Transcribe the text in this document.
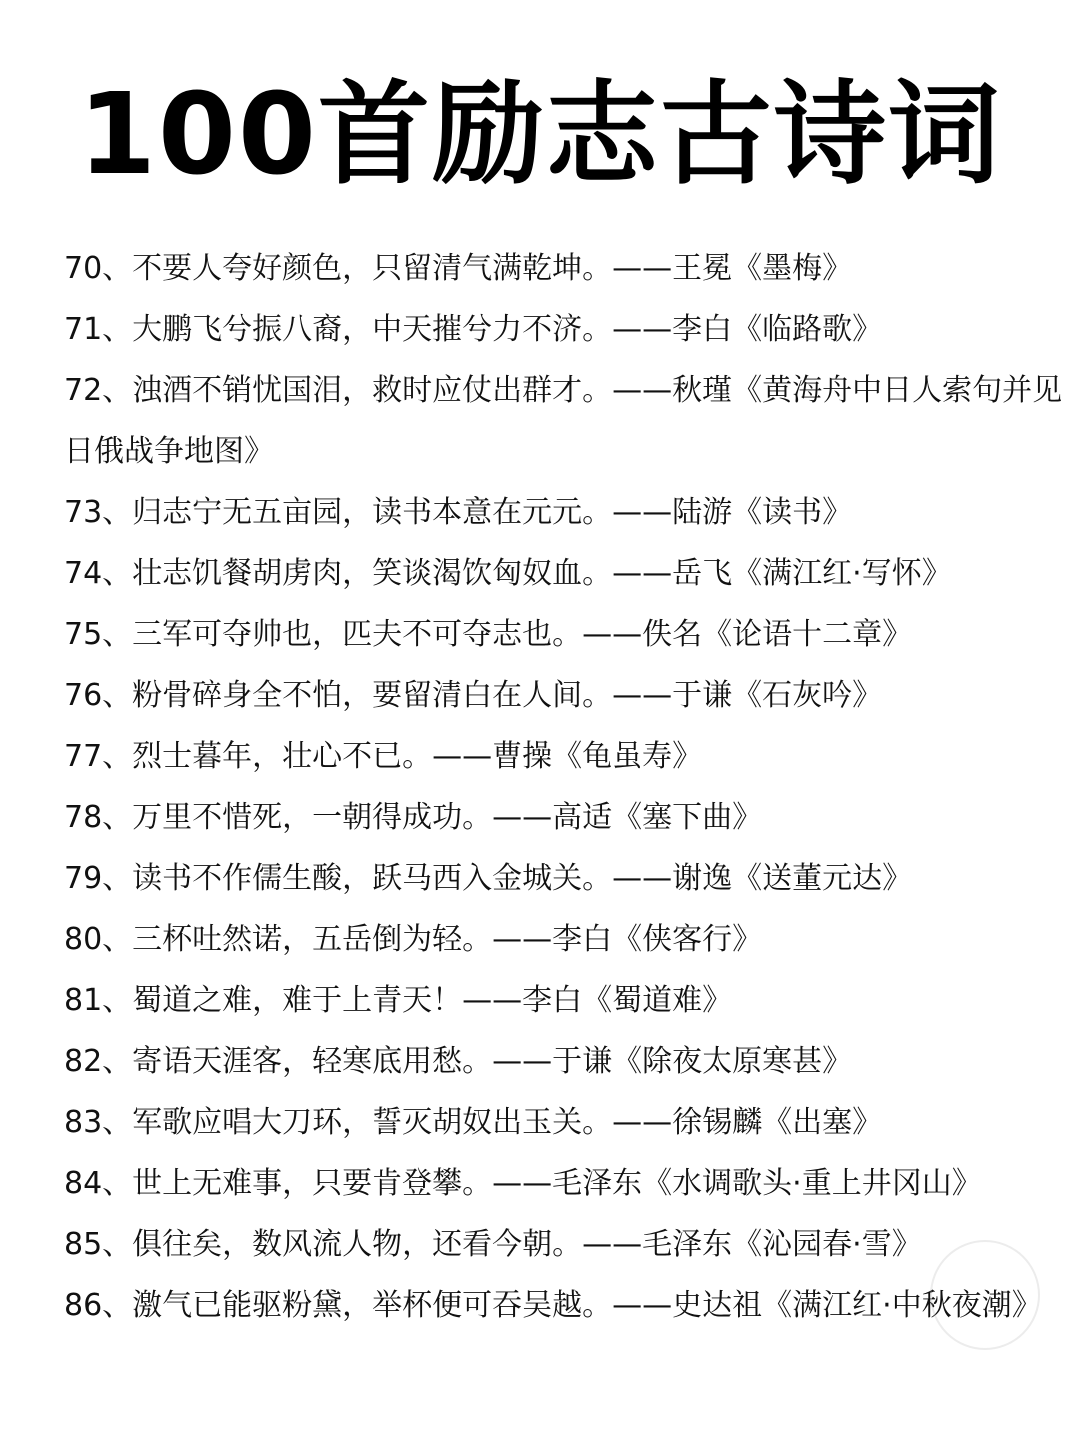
100首励志古诗词
70、不要人夸好颜色，只留清气满乾坤。——王冕《墨梅》
71、大鹏飞兮振八裔，中天摧兮力不济。——李白《临路歌》
72、浊酒不销忧国泪，救时应仗出群才。——秋瑾《黄海舟中日人索句并见日俄战争地图》
73、归志宁无五亩园，读书本意在元元。——陆游《读书》
74、壮志饥餐胡虏肉，笑谈渴饮匈奴血。——岳飞《满江红·写怀》
75、三军可夺帅也，匹夫不可夺志也。——佚名《论语十二章》
76、粉骨碎身全不怕，要留清白在人间。——于谦《石灰吟》
77、烈士暮年，壮心不已。——曹操《龟虽寿》
78、万里不惜死，一朝得成功。——高适《塞下曲》
79、读书不作儒生酸，跃马西入金城关。——谢逸《送董元达》
80、三杯吐然诺，五岳倒为轻。——李白《侠客行》
81、蜀道之难，难于上青天！——李白《蜀道难》
82、寄语天涯客，轻寒底用愁。——于谦《除夜太原寒甚》
83、军歌应唱大刀环，誓灭胡奴出玉关。——徐锡麟《出塞》
84、世上无难事，只要肯登攀。——毛泽东《水调歌头·重上井冈山》
85、俱往矣，数风流人物，还看今朝。——毛泽东《沁园春·雪》
86、激气已能驱粉黛，举杯便可吞吴越。——史达祖《满江红·中秋夜潮》
